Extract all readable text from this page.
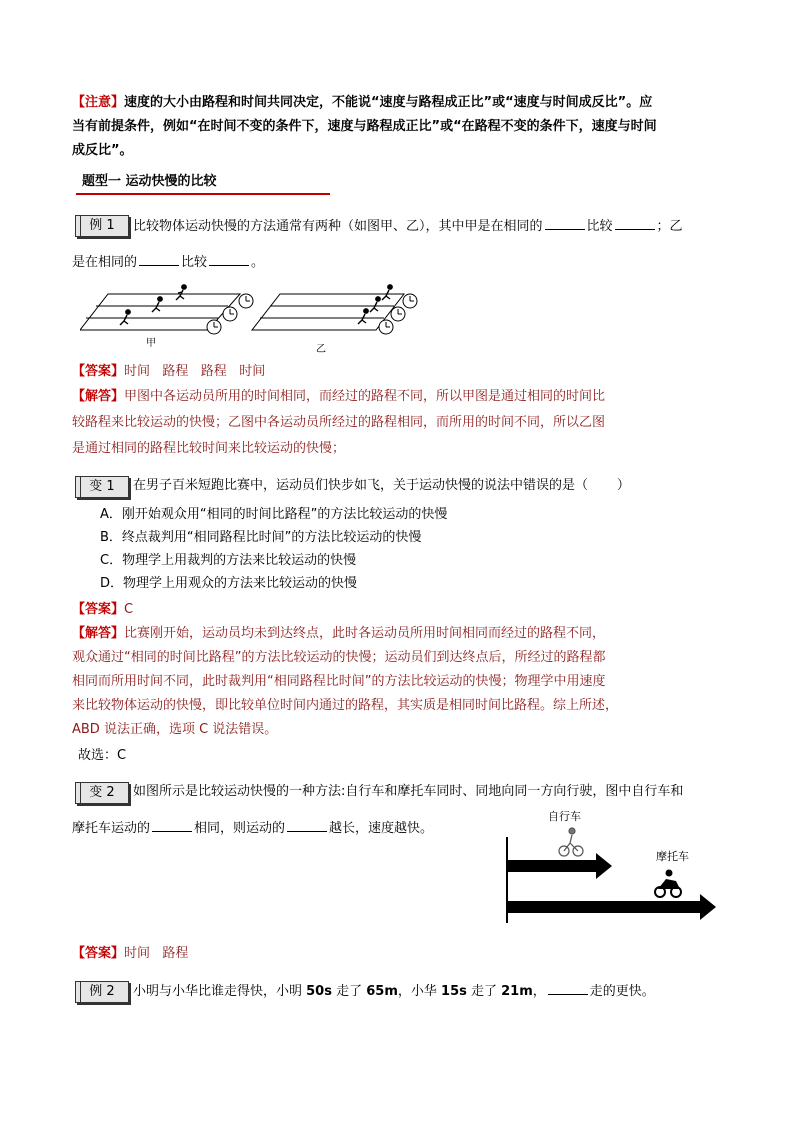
【注意】速度的大小由路程和时间共同决定，不能说“速度与路程成正比”或“速度与时间成反比”。应
当有前提条件，例如“在时间不变的条件下，速度与路程成正比”或“在路程不变的条件下，速度与时间
成反比”。
题型一 运动快慢的比较
例 1	比较物体运动快慢的方法通常有两种（如图甲、乙），其中甲是在相同的	比较	；乙
是在相同的	比较	。
甲
乙
【答案】时间   路程   路程   时间
【解答】甲图中各运动员所用的时间相同，而经过的路程不同，所以甲图是通过相同的时间比
较路程来比较运动的快慢；乙图中各运动员所经过的路程相同，而所用的时间不同，所以乙图
是通过相同的路程比较时间来比较运动的快慢；
变 1	在男子百米短跑比赛中，运动员们快步如飞，关于运动快慢的说法中错误的是（       ）
A．刚开始观众用“相同的时间比路程”的方法比较运动的快慢
B．终点裁判用“相同路程比时间”的方法比较运动的快慢
C．物理学上用裁判的方法来比较运动的快慢
D．物理学上用观众的方法来比较运动的快慢
【答案】C
【解答】比赛刚开始，运动员均未到达终点，此时各运动员所用时间相同而经过的路程不同，
观众通过“相同的时间比路程”的方法比较运动的快慢；运动员们到达终点后，所经过的路程都
相同而所用时间不同，此时裁判用“相同路程比时间”的方法比较运动的快慢；物理学中用速度
来比较物体运动的快慢，即比较单位时间内通过的路程，其实质是相同时间比路程。综上所述，
ABD 说法正确，选项 C 说法错误。
故选：C
变 2	如图所示是比较运动快慢的一种方法:自行车和摩托车同时、同地向同一方向行驶，图中自行车和
摩托车运动的	相同，则运动的	越长，速度越快。
自行车
摩托车
【答案】时间   路程
例 2	小明与小华比谁走得快，小明 50s 走了 65m，小华 15s 走了 21m，	走的更快。
